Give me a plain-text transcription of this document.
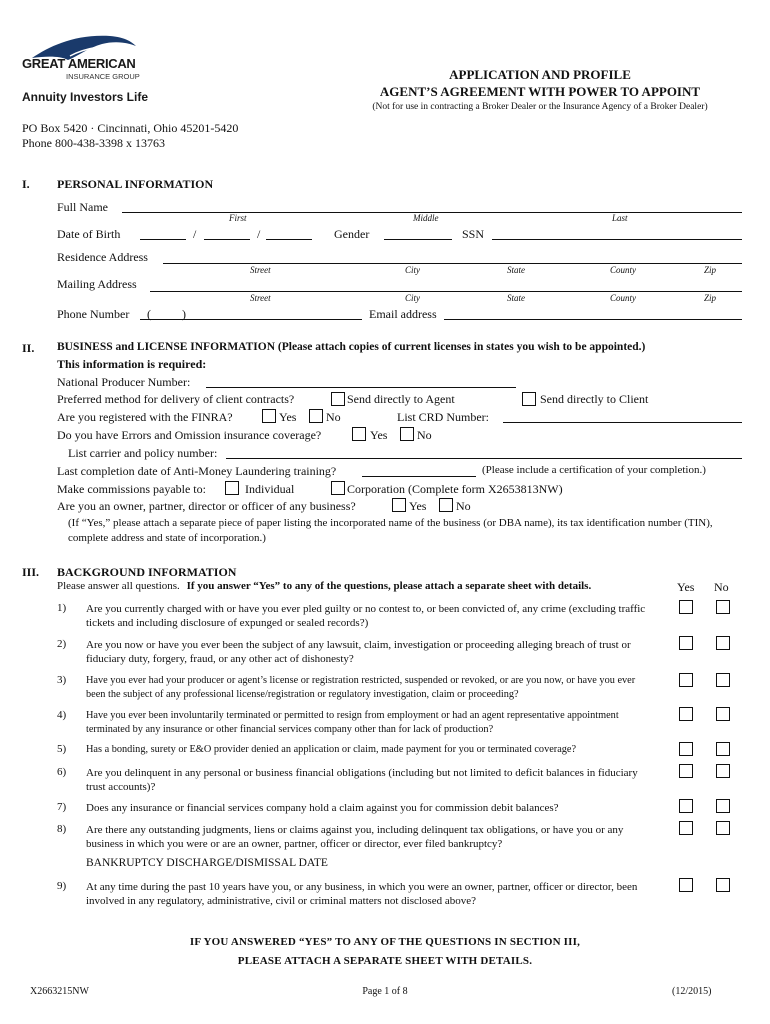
GREAT AMERICAN
INSURANCE GROUP
Annuity Investors Life
APPLICATION AND PROFILE
AGENT’S AGREEMENT WITH POWER TO APPOINT
(Not for use in contracting a Broker Dealer or the Insurance Agency of a Broker Dealer)
PO Box 5420 · Cincinnati, Ohio 45201-5420
Phone 800-438-3398 x 13763
I. PERSONAL INFORMATION
Full Name
First	Middle	Last
Date of Birth	/	/	Gender	SSN
Residence Address
Street	City	State	County	Zip
Mailing Address
Street	City	State	County	Zip
Phone Number (	)	Email address
II. BUSINESS and LICENSE INFORMATION (Please attach copies of current licenses in states you wish to be appointed.)
This information is required:
National Producer Number:
Preferred method for delivery of client contracts?	Send directly to Agent	Send directly to Client
Are you registered with the FINRA?	Yes No	List CRD Number:
Do you have Errors and Omission insurance coverage?	Yes No
List carrier and policy number:
Last completion date of Anti-Money Laundering training?	(Please include a certification of your completion.)
Make commissions payable to:	Individual	Corporation (Complete form X2653813NW)
Are you an owner, partner, director or officer of any business?	Yes No
(If “Yes,” please attach a separate piece of paper listing the incorporated name of the business (or DBA name), its tax identification number (TIN), complete address and state of incorporation.)
III. BACKGROUND INFORMATION
Please answer all questions. If you answer “Yes” to any of the questions, please attach a separate sheet with details.	Yes No
1) Are you currently charged with or have you ever pled guilty or no contest to, or been convicted of, any crime (excluding traffic tickets and including disclosure of expunged or sealed records?)
2) Are you now or have you ever been the subject of any lawsuit, claim, investigation or proceeding alleging breach of trust or fiduciary duty, forgery, fraud, or any other act of dishonesty?
3) Have you ever had your producer or agent’s license or registration restricted, suspended or revoked, or are you now, or have you ever been the subject of any professional license/registration or regulatory investigation, claim or proceeding?
4) Have you ever been involuntarily terminated or permitted to resign from employment or had an agent representative appointment terminated by any insurance or other financial services company other than for lack of production?
5) Has a bonding, surety or E&O provider denied an application or claim, made payment for you or terminated coverage?
6) Are you delinquent in any personal or business financial obligations (including but not limited to deficit balances in fiduciary trust accounts)?
7) Does any insurance or financial services company hold a claim against you for commission debit balances?
8) Are there any outstanding judgments, liens or claims against you, including delinquent tax obligations, or have you or any business in which you were or are an owner, partner, officer or director, ever filed bankruptcy?
BANKRUPTCY DISCHARGE/DISMISSAL DATE
9) At any time during the past 10 years have you, or any business, in which you were an owner, partner, officer or director, been involved in any regulatory, administrative, civil or criminal matters not disclosed above?
IF YOU ANSWERED “YES” TO ANY OF THE QUESTIONS IN SECTION III,
PLEASE ATTACH A SEPARATE SHEET WITH DETAILS.
X2663215NW	Page 1 of 8	(12/2015)
